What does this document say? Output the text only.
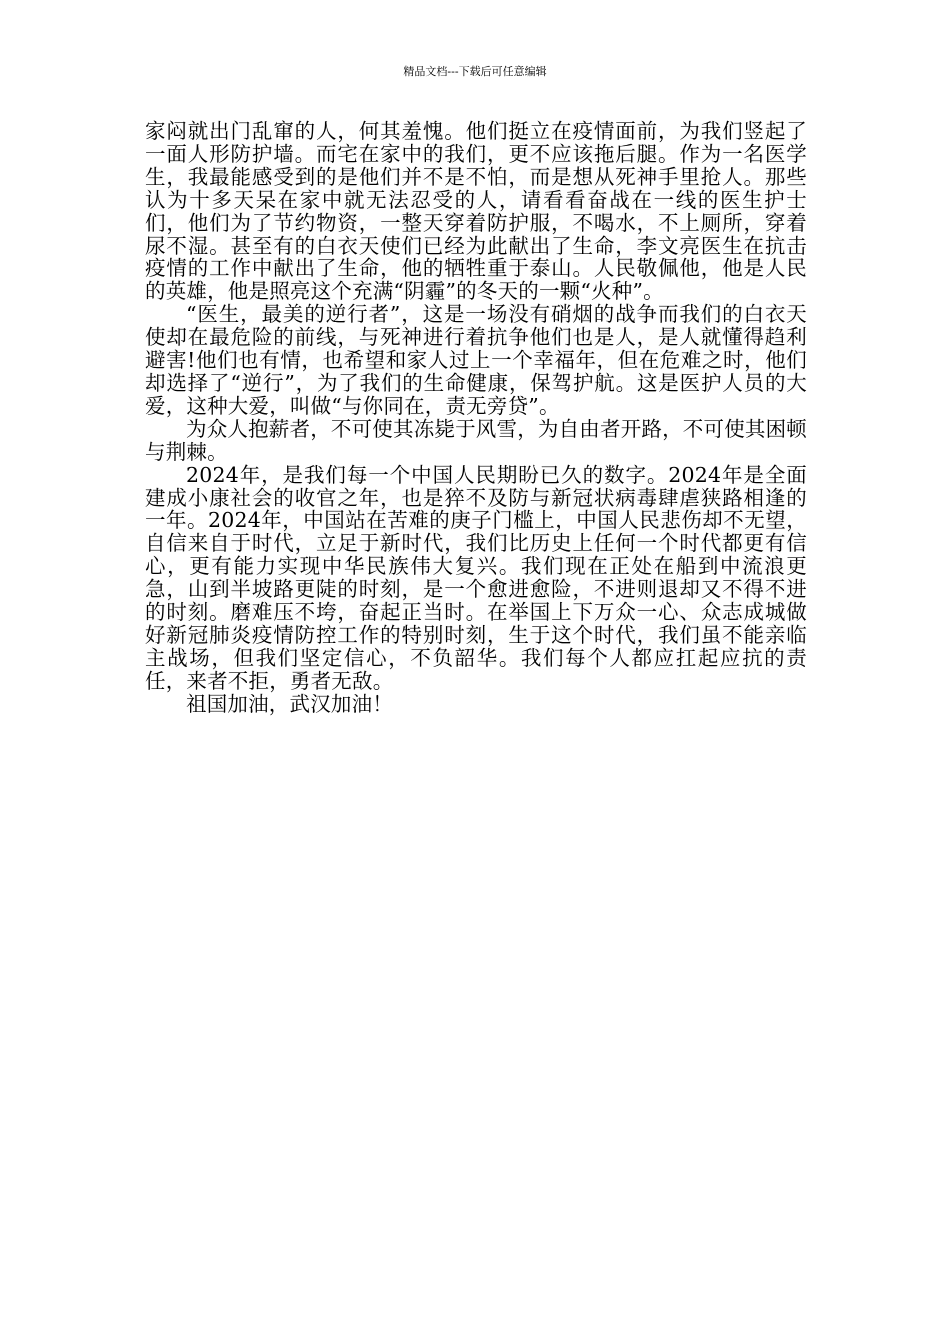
精品文档---下载后可任意编辑

家闷就出门乱窜的人，何其羞愧。他们挺立在疫情面前，为我们竖起了一面人形防护墙。而宅在家中的我们，更不应该拖后腿。作为一名医学生，我最能感受到的是他们并不是不怕，而是想从死神手里抢人。那些认为十多天呆在家中就无法忍受的人，请看看奋战在一线的医生护士们，他们为了节约物资，一整天穿着防护服，不喝水，不上厕所，穿着尿不湿。甚至有的白衣天使们已经为此献出了生命，李文亮医生在抗击疫情的工作中献出了生命，他的牺牲重于泰山。人民敬佩他，他是人民的英雄，他是照亮这个充满“阴霾”的冬天的一颗“火种”。

“医生，最美的逆行者”，这是一场没有硝烟的战争而我们的白衣天使却在最危险的前线，与死神进行着抗争他们也是人，是人就懂得趋利避害!他们也有情，也希望和家人过上一个幸福年，但在危难之时，他们却选择了“逆行”，为了我们的生命健康，保驾护航。这是医护人员的大爱，这种大爱，叫做“与你同在，责无旁贷”。

为众人抱薪者，不可使其冻毙于风雪，为自由者开路，不可使其困顿与荆棘。

2024年，是我们每一个中国人民期盼已久的数字。2024年是全面建成小康社会的收官之年，也是猝不及防与新冠状病毒肆虐狭路相逢的一年。2024年，中国站在苦难的庚子门槛上，中国人民悲伤却不无望，自信来自于时代，立足于新时代，我们比历史上任何一个时代都更有信心，更有能力实现中华民族伟大复兴。我们现在正处在船到中流浪更急，山到半坡路更陡的时刻，是一个愈进愈险，不进则退却又不得不进的时刻。磨难压不垮，奋起正当时。在举国上下万众一心、众志成城做好新冠肺炎疫情防控工作的特别时刻，生于这个时代，我们虽不能亲临主战场，但我们坚定信心，不负韶华。我们每个人都应扛起应抗的责任，来者不拒，勇者无敌。

祖国加油，武汉加油！
